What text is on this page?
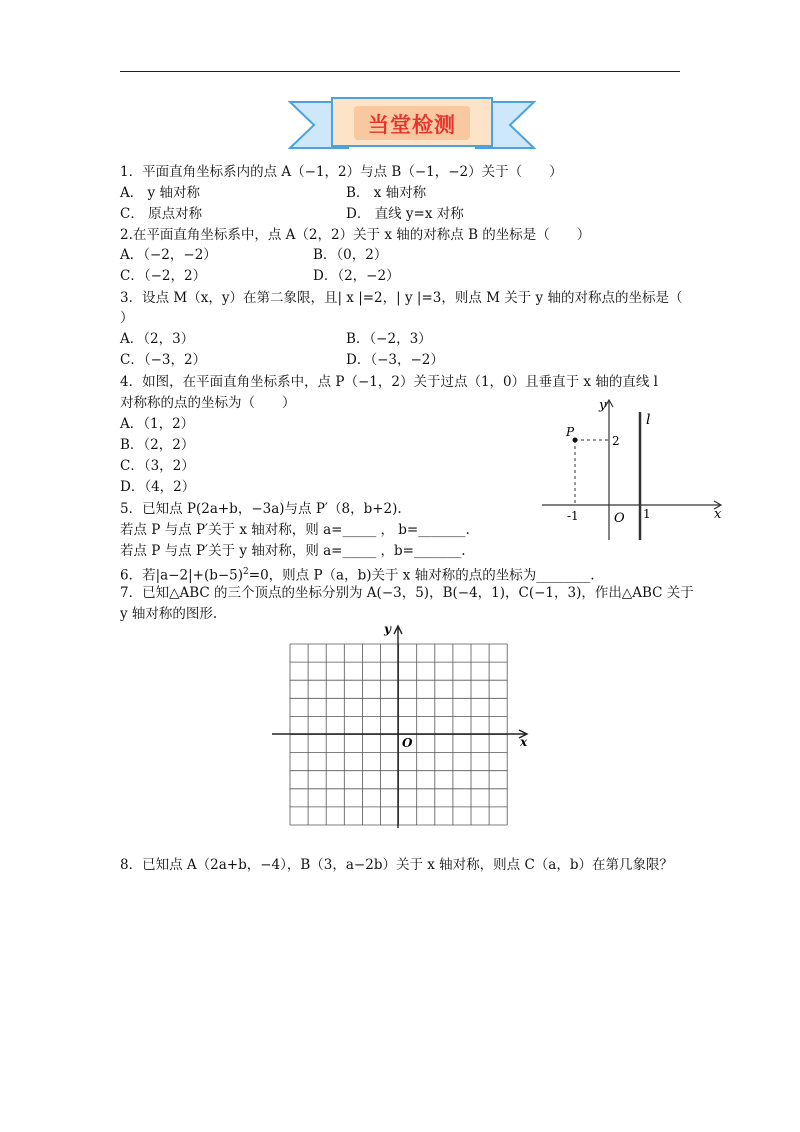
当堂检测
1．平面直角坐标系内的点 A（−1，2）与点 B（−1，−2）关于（　　）
A． y 轴对称	B． x 轴对称
C． 原点对称	D． 直线 y=x 对称
2.在平面直角坐标系中，点 A（2，2）关于 x 轴的对称点 B 的坐标是（　　）
A．（−2，−2）	B．（0，2）
C．（−2，2）	D．（2，−2）
3．设点 M（x，y）在第二象限，且| x |=2，| y |=3，则点 M 关于 y 轴的对称点的坐标是（
）
A．（2，3）	B．（−2，3）
C．（−3，2）	D．（−3，−2）
4．如图，在平面直角坐标系中，点 P（−1，2）关于过点（1，0）且垂直于 x 轴的直线 l
对称称的点的坐标为（　　）
A．（1，2）
B．（2，2）
C．（3，2）
D．（4，2）
y
x
l
P
2
-1	O 1
5．已知点 P(2a+b，−3a)与点 P′（8，b+2).
若点 P 与点 P′关于 x 轴对称，则 a=_____ ， b=_______.
若点 P 与点 P′关于 y 轴对称，则 a=_____ ，b=_______.
6．若$|a-2|+(b-5)^2=0$，则点 P（a，b)关于 x 轴对称的点的坐标为________.
7．已知△ABC 的三个顶点的坐标分别为 A(−3，5)，B(−4，1)，C(−1，3)，作出△ABC 关于
y 轴对称的图形.
y
x
O
8．已知点 A（2a+b，−4），B（3，a−2b）关于 x 轴对称，则点 C（a，b）在第几象限？
